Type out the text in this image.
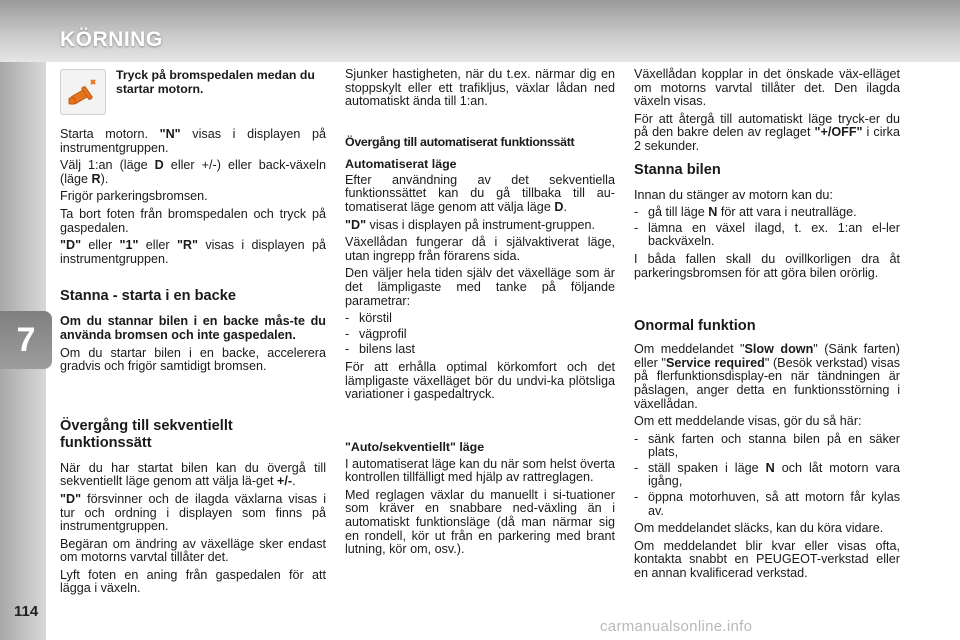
KÖRNING
7
114
Tryck på bromspedalen medan du startar motorn.

Starta motorn. "N" visas i displayen på instrumentgruppen.

Välj 1:an (läge D eller +/-) eller back-växeln (läge R).

Frigör parkeringsbromsen.

Ta bort foten från bromspedalen och tryck på gaspedalen.

"D" eller "1" eller "R" visas i displayen på instrumentgruppen.

Stanna - starta i en backe

Om du stannar bilen i en backe mås-te du använda bromsen och inte gaspedalen.

Om du startar bilen i en backe, accelerera gradvis och frigör samtidigt bromsen.

Övergång till sekventiellt funktionssätt

När du har startat bilen kan du övergå till sekventiellt läge genom att välja lä-get +/-.

"D" försvinner och de ilagda växlarna visas i tur och ordning i displayen som finns på instrumentgruppen.

Begäran om ändring av växelläge sker endast om motorns varvtal tillåter det.

Lyft foten en aning från gaspedalen för att lägga i växeln.

Sjunker hastigheten, när du t.ex. närmar dig en stoppskylt eller ett trafikljus, växlar lådan ned automatiskt ända till 1:an.

Övergång till automatiserat funktionssätt
Automatiserat läge

Efter användning av det sekventiella funktionssättet kan du gå tillbaka till au-tomatiserat läge genom att välja läge D.

"D" visas i displayen på instrument-gruppen.

Växellådan fungerar då i självaktiverat läge, utan ingrepp från förarens sida.

Den väljer hela tiden själv det växelläge som är det lämpligaste med tanke på följande parametrar:

- körstil
- vägprofil
- bilens last

För att erhålla optimal körkomfort och det lämpligaste växelläget bör du undvi-ka plötsliga variationer i gaspedaltryck.

"Auto/sekventiellt" läge

I automatiserat läge kan du när som helst överta kontrollen tillfälligt med hjälp av rattreglagen.

Med reglagen växlar du manuellt i si-tuationer som kräver en snabbare ned-växling än i automatiskt funktionsläge (då man närmar sig en rondell, kör ut från en parkering med brant lutning, kör om, osv.).

Växellådan kopplar in det önskade väx-elläget om motorns varvtal tillåter det. Den ilagda växeln visas.

För att återgå till automatiskt läge tryck-er du på den bakre delen av reglaget "+/OFF" i cirka 2 sekunder.

Stanna bilen

Innan du stänger av motorn kan du:

- gå till läge N för att vara i neutralläge.
- lämna en växel ilagd, t. ex. 1:an el-ler backväxeln.

I båda fallen skall du ovillkorligen dra åt parkeringsbromsen för att göra bilen orörlig.

Onormal funktion

Om meddelandet "Slow down" (Sänk farten) eller "Service required" (Besök verkstad) visas på flerfunktionsdisplay-en när tändningen är påslagen, anger detta en funktionsstörning i växellådan.

Om ett meddelande visas, gör du så här:

- sänk farten och stanna bilen på en säker plats,
- ställ spaken i läge N och låt motorn vara igång,
- öppna motorhuven, så att motorn får kylas av.

Om meddelandet släcks, kan du köra vidare.

Om meddelandet blir kvar eller visas ofta, kontakta snabbt en PEUGEOT-verkstad eller en annan kvalificerad verkstad.

carmanualsonline.info
